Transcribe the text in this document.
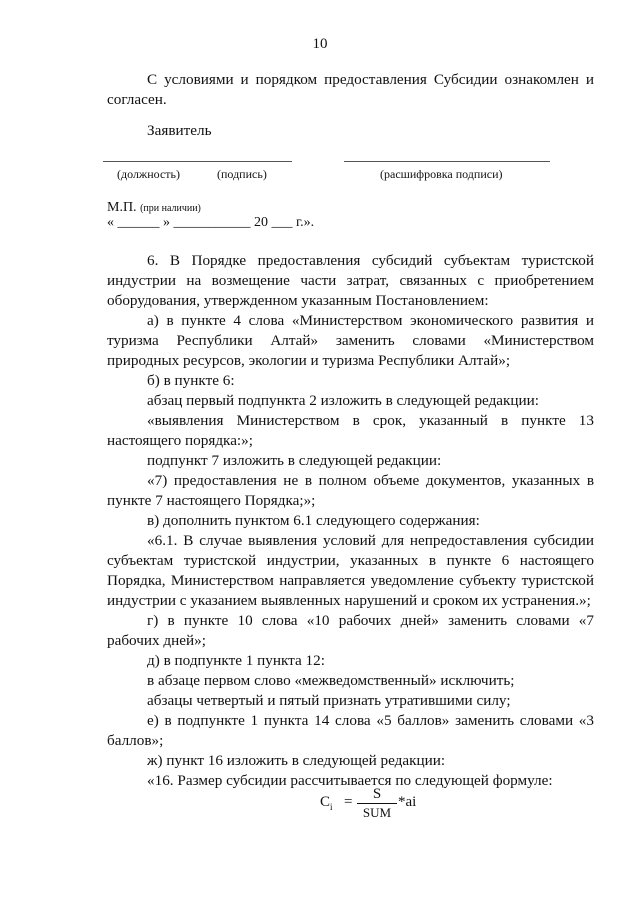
10

С условиями и порядком предоставления Субсидии ознакомлен и согласен.

Заявитель

(должность)	(подпись)	(расшифровка подписи)
М.П. (при наличии)
« ______ » ___________ 20 ___ г.».

6. В Порядке предоставления субсидий субъектам туристской индустрии на возмещение части затрат, связанных с приобретением оборудования, утвержденном указанным Постановлением:

а) в пункте 4 слова «Министерством экономического развития и туризма Республики Алтай» заменить словами «Министерством природных ресурсов, экологии и туризма Республики Алтай»;

б) в пункте 6:

абзац первый подпункта 2 изложить в следующей редакции:

«выявления Министерством в срок, указанный в пункте 13 настоящего порядка:»;

подпункт 7 изложить в следующей редакции:

«7) предоставления не в полном объеме документов, указанных в пункте 7 настоящего Порядка;»;

в) дополнить пунктом 6.1 следующего содержания:

«6.1. В случае выявления условий для непредоставления субсидии субъектам туристской индустрии, указанных в пункте 6 настоящего Порядка, Министерством направляется уведомление субъекту туристской индустрии с указанием выявленных нарушений и сроком их устранения.»;

г) в пункте 10 слова «10 рабочих дней» заменить словами «7 рабочих дней»;

д) в подпункте 1 пункта 12:

в абзаце первом слово «межведомственный» исключить;

абзацы четвертый и пятый признать утратившими силу;

е) в подпункте 1 пункта 14 слова «5 баллов» заменить словами «3 баллов»;

ж) пункт 16 изложить в следующей редакции:

«16. Размер субсидии рассчитывается по следующей формуле:

$C_i$ =	S
SUM
*ai
